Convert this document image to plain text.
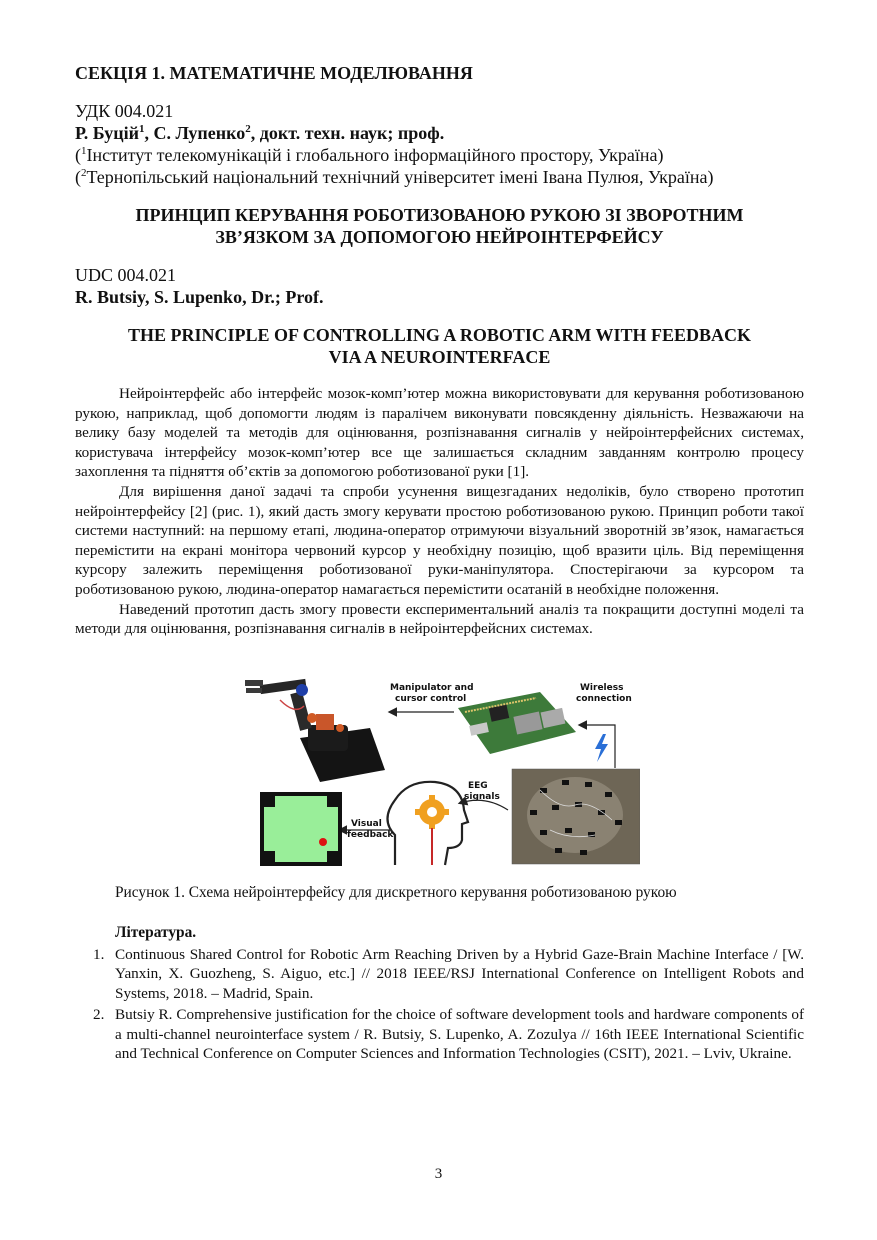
СЕКЦІЯ 1. МАТЕМАТИЧНЕ МОДЕЛЮВАННЯ

УДК 004.021

Р. Буцій$^1$, С. Лупенко$^2$, докт. техн. наук; проф.

($^1$Інститут телекомунікацій і глобального інформаційного простору, Україна)

($^2$Тернопільський національний технічний університет імені Івана Пулюя, Україна)

ПРИНЦИП КЕРУВАННЯ РОБОТИЗОВАНОЮ РУКОЮ ЗІ ЗВОРОТНИМ
ЗВ’ЯЗКОМ ЗА ДОПОМОГОЮ НЕЙРОІНТЕРФЕЙСУ

UDC 004.021

R. Butsiy, S. Lupenko, Dr.; Prof.

THE PRINCIPLE OF CONTROLLING A ROBOTIC ARM WITH FEEDBACK
VIA A NEUROINTERFACE

Нейроінтерфейс або інтерфейс мозок-комп’ютер можна використовувати для керування роботизованою рукою, наприклад, щоб допомогти людям із паралічем виконувати повсякденну діяльність. Незважаючи на велику базу моделей та методів для оцінювання, розпізнавання сигналів у нейроінтерфейсних системах, користувача інтерфейсу мозок-комп’ютер все ще залишається складним завданням контролю процесу захоплення та підняття об’єктів за допомогою роботизованої руки [1].

Для вирішення даної задачі та спроби усунення вищезгаданих недоліків, було створено прототип нейроінтерфейсу [2] (рис. 1), який дасть змогу керувати простою роботизованою рукою. Принцип роботи такої системи наступний: на першому етапі, людина-оператор отримуючи візуальний зворотній зв’язок, намагається перемістити на екрані монітора червоний курсор у необхідну позицію, щоб вразити ціль. Від переміщення курсору залежить переміщення роботизованої руки-маніпулятора. Спостерігаючи за курсором та роботизованою рукою, людина-оператор намагається перемістити осатаній в необхідне положення.

Наведений прототип дасть змогу провести експериментальний аналіз та покращити доступні моделі та методи для оцінювання, розпізнавання сигналів в нейроінтерфейсних системах.

Manipulator and
cursor control
Wireless
connection
EEG
signals
Visual
feedback

Рисунок 1. Схема нейроінтерфейсу для дискретного керування роботизованою рукою

Література.

1. Continuous Shared Control for Robotic Arm Reaching Driven by a Hybrid Gaze-Brain Machine Interface / [W. Yanxin, X. Guozheng, S. Aiguo, etc.] // 2018 IEEE/RSJ International Conference on Intelligent Robots and Systems, 2018. – Madrid, Spain.
2. Butsiy R. Comprehensive justification for the choice of software development tools and hardware components of a multi-channel neurointerface system / R. Butsiy, S. Lupenko, A. Zozulya // 16th IEEE International Scientific and Technical Conference on Computer Sciences and Information Technologies (CSIT), 2021. – Lviv, Ukraine.
3
